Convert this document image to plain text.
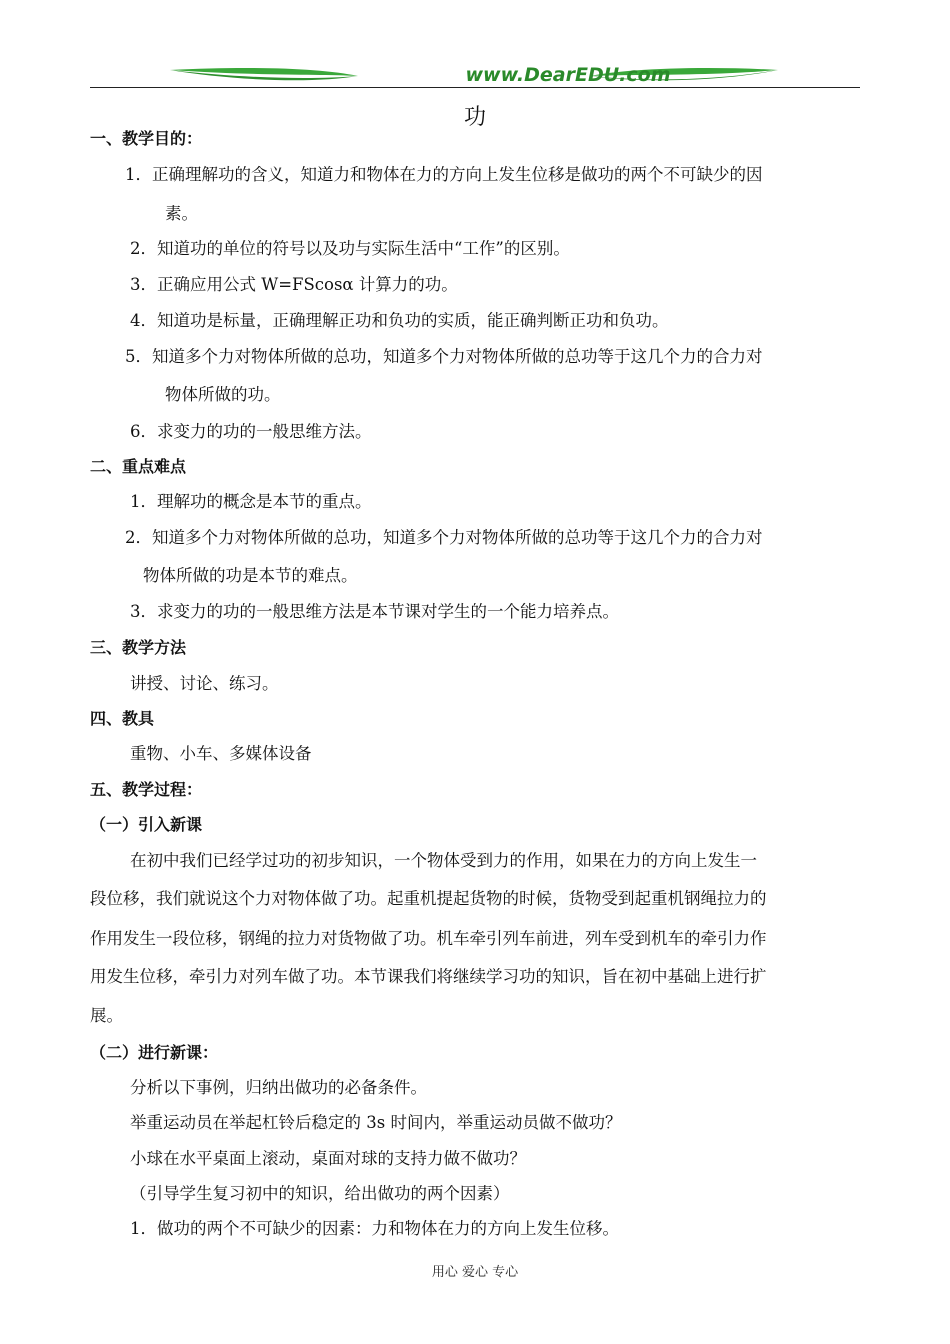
www.DearEDU.com
功
一、教学目的：
1．正确理解功的含义，知道力和物体在力的方向上发生位移是做功的两个不可缺少的因
素。
2．知道功的单位的符号以及功与实际生活中“工作”的区别。
3．正确应用公式 W=FScosα 计算力的功。
4．知道功是标量，正确理解正功和负功的实质，能正确判断正功和负功。
5．知道多个力对物体所做的总功，知道多个力对物体所做的总功等于这几个力的合力对
物体所做的功。
6．求变力的功的一般思维方法。
二、重点难点
1．理解功的概念是本节的重点。
2．知道多个力对物体所做的总功，知道多个力对物体所做的总功等于这几个力的合力对
物体所做的功是本节的难点。
3．求变力的功的一般思维方法是本节课对学生的一个能力培养点。
三、教学方法
讲授、讨论、练习。
四、教具
重物、小车、多媒体设备
五、教学过程：
（一）引入新课
在初中我们已经学过功的初步知识，一个物体受到力的作用，如果在力的方向上发生一
段位移，我们就说这个力对物体做了功。起重机提起货物的时候，货物受到起重机钢绳拉力的
作用发生一段位移，钢绳的拉力对货物做了功。机车牵引列车前进，列车受到机车的牵引力作
用发生位移，牵引力对列车做了功。本节课我们将继续学习功的知识，旨在初中基础上进行扩
展。
（二）进行新课：
分析以下事例，归纳出做功的必备条件。
举重运动员在举起杠铃后稳定的 3s 时间内，举重运动员做不做功？
小球在水平桌面上滚动，桌面对球的支持力做不做功？
（引导学生复习初中的知识，给出做功的两个因素）
1．做功的两个不可缺少的因素：力和物体在力的方向上发生位移。
用心 爱心 专心
